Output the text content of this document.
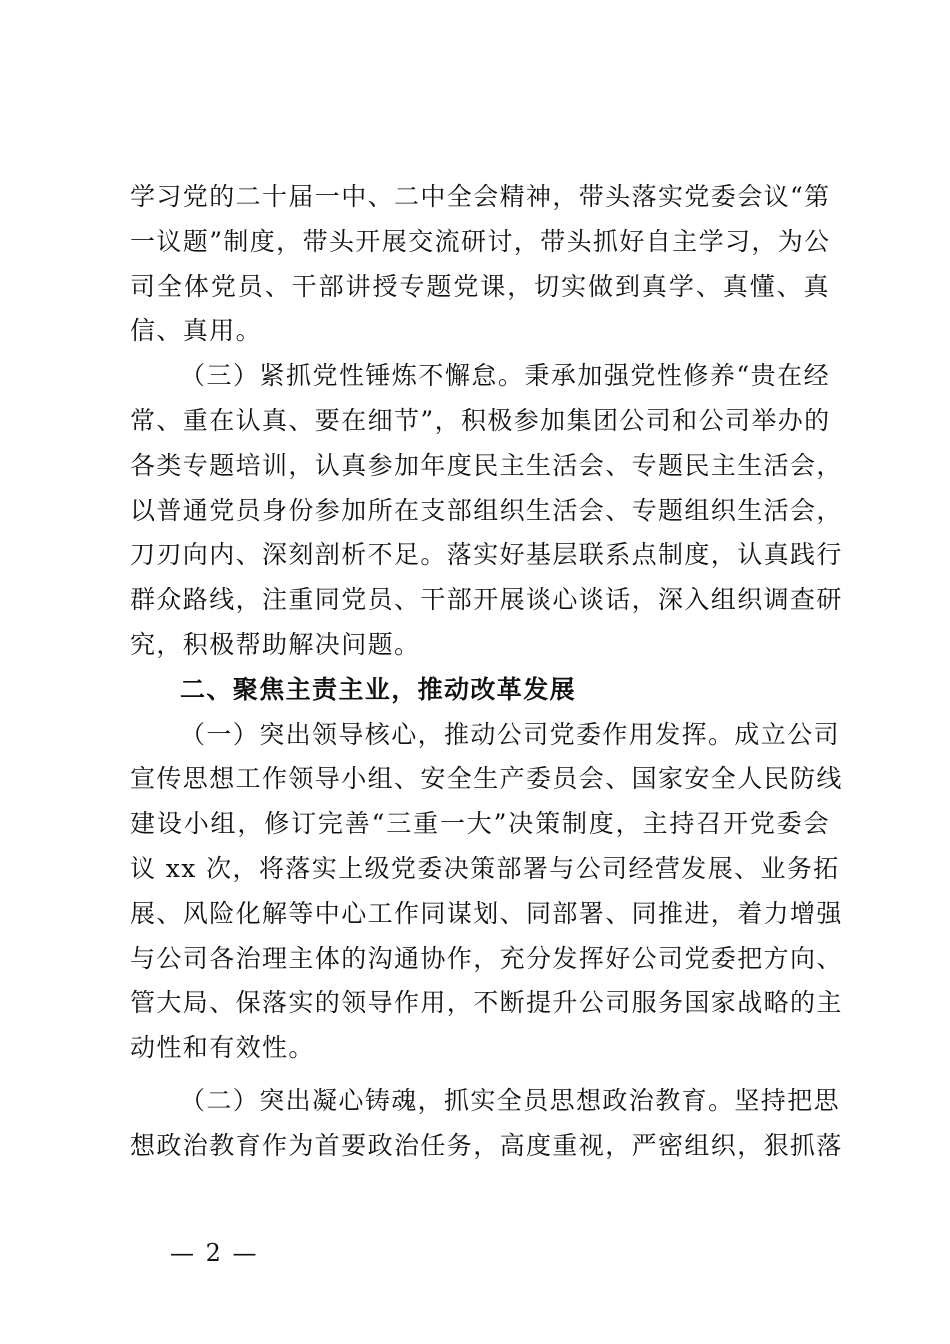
学习党的二十届一中、二中全会精神，带头落实党委会议“第
一议题”制度，带头开展交流研讨，带头抓好自主学习，为公
司全体党员、干部讲授专题党课，切实做到真学、真懂、真
信、真用。
（三）紧抓党性锤炼不懈怠。秉承加强党性修养“贵在经
常、重在认真、要在细节”，积极参加集团公司和公司举办的
各类专题培训，认真参加年度民主生活会、专题民主生活会，
以普通党员身份参加所在支部组织生活会、专题组织生活会，
刀刃向内、深刻剖析不足。落实好基层联系点制度，认真践行
群众路线，注重同党员、干部开展谈心谈话，深入组织调查研
究，积极帮助解决问题。
二、聚焦主责主业，推动改革发展
（一）突出领导核心，推动公司党委作用发挥。成立公司
宣传思想工作领导小组、安全生产委员会、国家安全人民防线
建设小组，修订完善“三重一大”决策制度，主持召开党委会
议 xx 次，将落实上级党委决策部署与公司经营发展、业务拓
展、风险化解等中心工作同谋划、同部署、同推进，着力增强
与公司各治理主体的沟通协作，充分发挥好公司党委把方向、
管大局、保落实的领导作用，不断提升公司服务国家战略的主
动性和有效性。
（二）突出凝心铸魂，抓实全员思想政治教育。坚持把思
想政治教育作为首要政治任务，高度重视，严密组织，狠抓落
— 2 —
